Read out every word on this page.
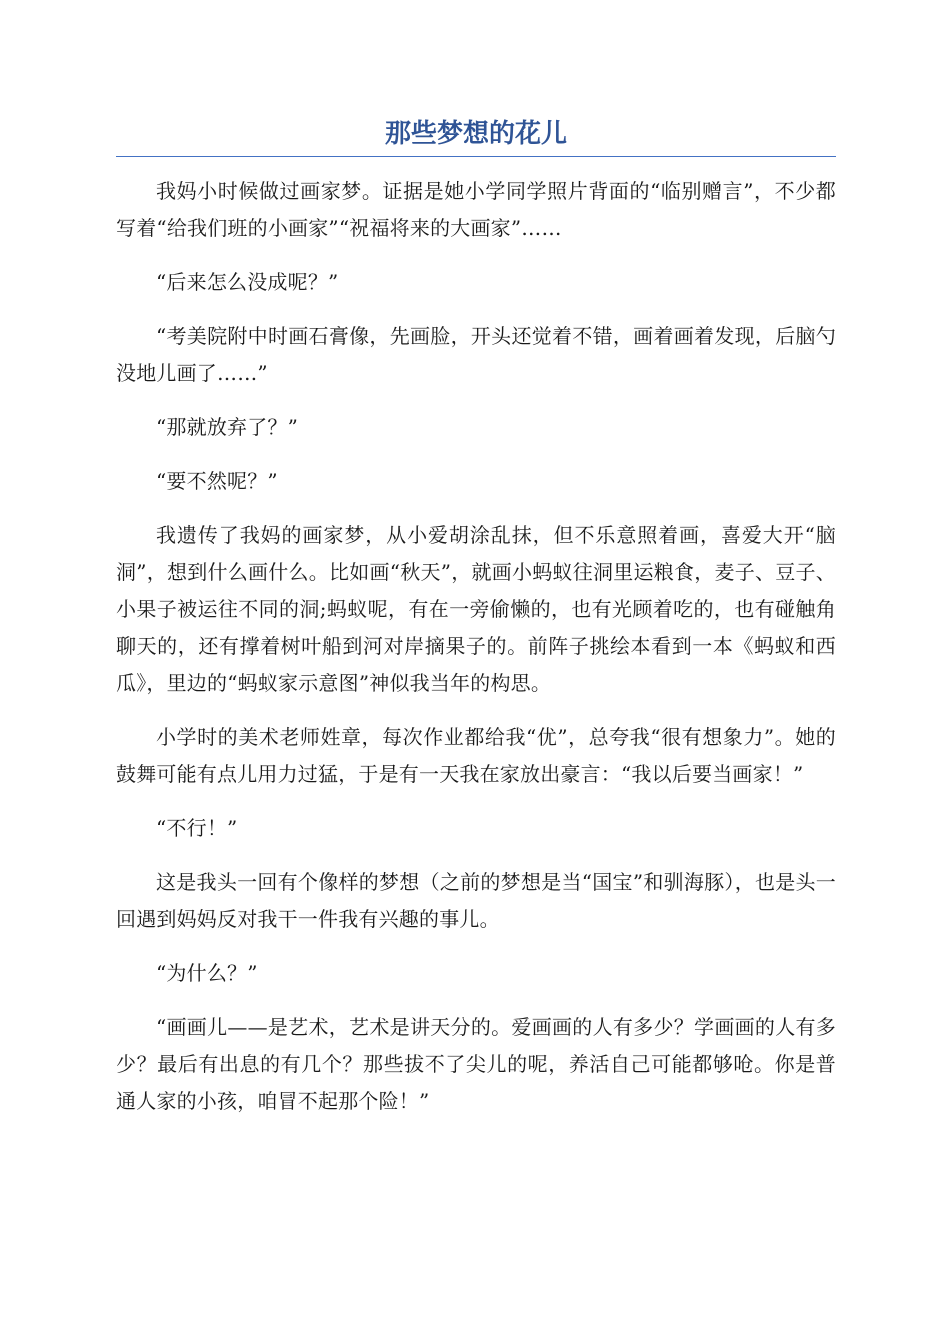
那些梦想的花儿

我妈小时候做过画家梦。证据是她小学同学照片背面的“临别赠言”，不少都写着“给我们班的小画家”“祝福将来的大画家”……

“后来怎么没成呢？”

“考美院附中时画石膏像，先画脸，开头还觉着不错，画着画着发现，后脑勺没地儿画了……”

“那就放弃了？”

“要不然呢？”

我遗传了我妈的画家梦，从小爱胡涂乱抹，但不乐意照着画，喜爱大开“脑洞”，想到什么画什么。比如画“秋天”，就画小蚂蚁往洞里运粮食，麦子、豆子、小果子被运往不同的洞;蚂蚁呢，有在一旁偷懒的，也有光顾着吃的，也有碰触角聊天的，还有撑着树叶船到河对岸摘果子的。前阵子挑绘本看到一本《蚂蚁和西瓜》，里边的“蚂蚁家示意图”神似我当年的构思。

小学时的美术老师姓章，每次作业都给我“优”，总夸我“很有想象力”。她的鼓舞可能有点儿用力过猛，于是有一天我在家放出豪言：“我以后要当画家！”

“不行！”

这是我头一回有个像样的梦想（之前的梦想是当“国宝”和驯海豚），也是头一回遇到妈妈反对我干一件我有兴趣的事儿。

“为什么？”

“画画儿——是艺术，艺术是讲天分的。爱画画的人有多少？学画画的人有多少？最后有出息的有几个？那些拔不了尖儿的呢，养活自己可能都够呛。你是普通人家的小孩，咱冒不起那个险！”
